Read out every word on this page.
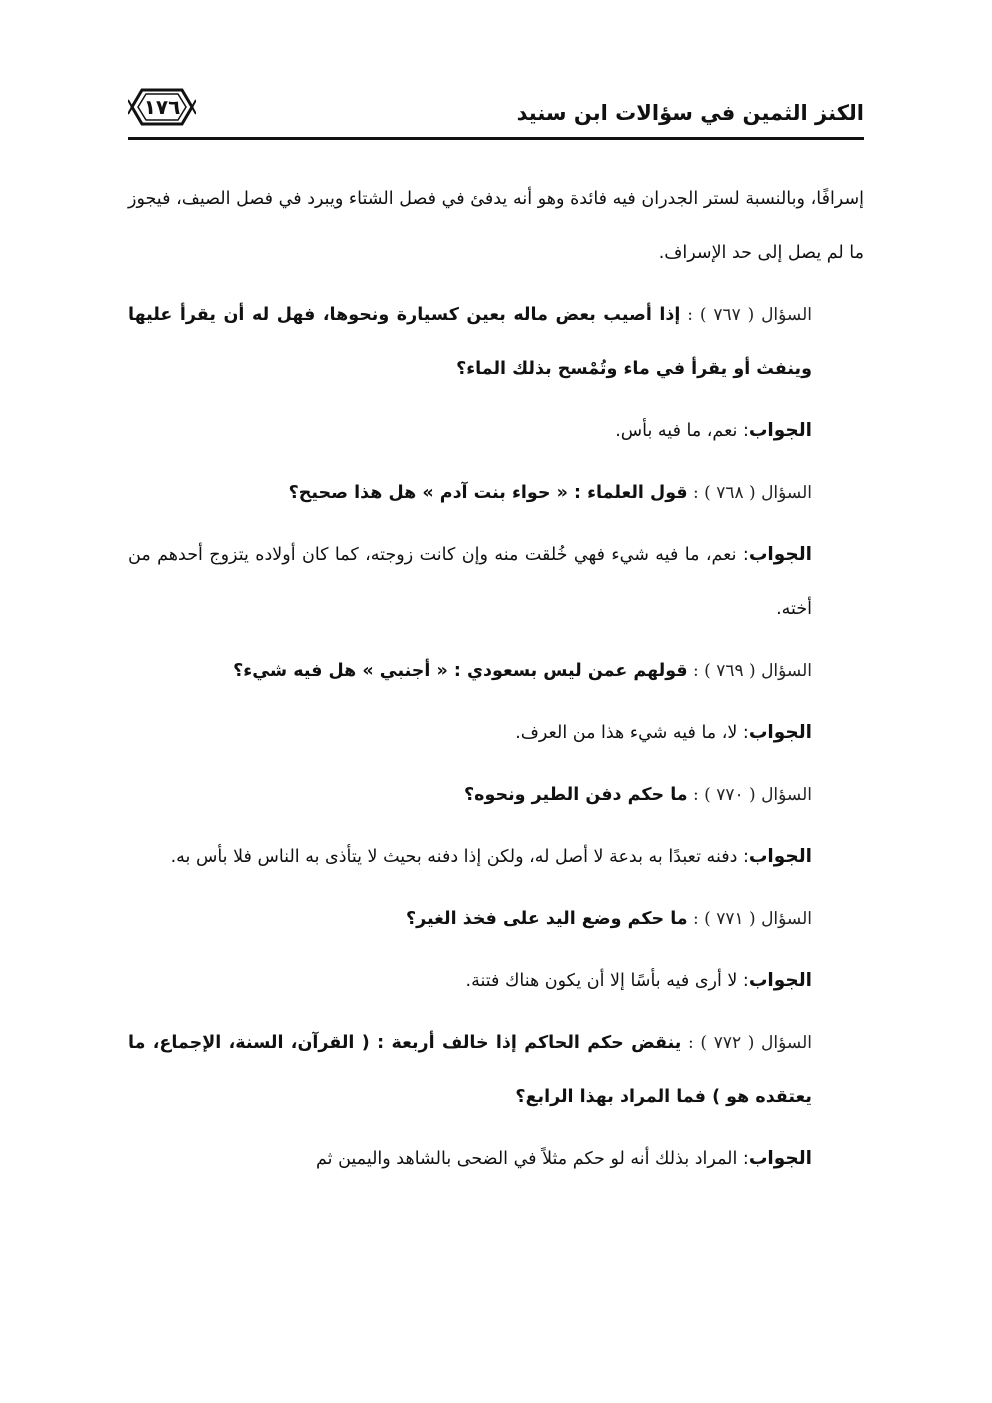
الكنز الثمين في سؤالات ابن سنيد
١٧٦

إسرافًا، وبالنسبة لستر الجدران فيه فائدة وهو أنه يدفئ في فصل الشتاء ويبرد في فصل الصيف، فيجوز ما لم يصل إلى حد الإسراف.

السؤال ( ٧٦٧ ) : إذا أصيب بعض ماله بعين كسيارة ونحوها، فهل له أن يقرأ عليها وينفث أو يقرأ في ماء وتُمْسح بذلك الماء؟

الجواب: نعم، ما فيه بأس.

السؤال ( ٧٦٨ ) : قول العلماء : « حواء بنت آدم » هل هذا صحيح؟

الجواب: نعم، ما فيه شيء فهي خُلقت منه وإن كانت زوجته، كما كان أولاده يتزوج أحدهم من أخته.

السؤال ( ٧٦٩ ) : قولهم عمن ليس بسعودي : « أجنبي » هل فيه شيء؟

الجواب: لا، ما فيه شيء هذا من العرف.

السؤال ( ٧٧٠ ) : ما حكم دفن الطير ونحوه؟

الجواب: دفنه تعبدًا به بدعة لا أصل له، ولكن إذا دفنه بحيث لا يتأذى به الناس فلا بأس به.

السؤال ( ٧٧١ ) : ما حكم وضع اليد على فخذ الغير؟

الجواب: لا أرى فيه بأسًا إلا أن يكون هناك فتنة.

السؤال ( ٧٧٢ ) : ينقض حكم الحاكم إذا خالف أربعة : ( القرآن، السنة، الإجماع، ما يعتقده هو ) فما المراد بهذا الرابع؟

الجواب: المراد بذلك أنه لو حكم مثلاً في الضحى بالشاهد واليمين ثم
